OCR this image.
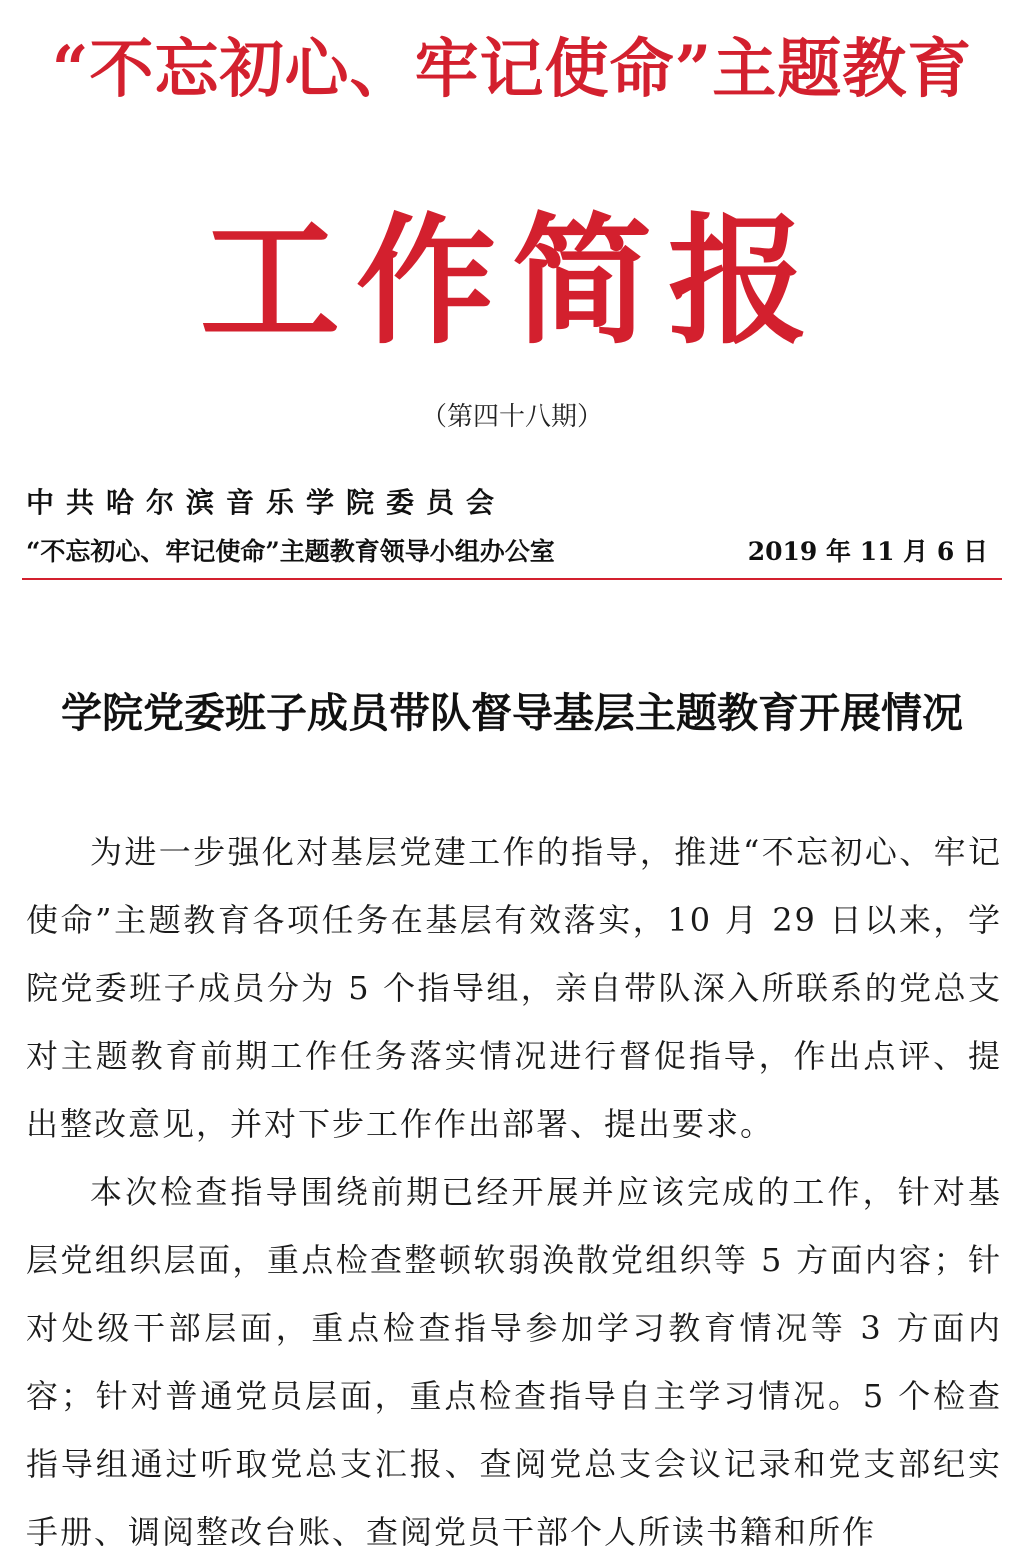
“不忘初心、牢记使命”主题教育
工作简报
（第四十八期）
中共哈尔滨音乐学院委员会
“不忘初心、牢记使命”主题教育领导小组办公室	2019 年 11 月 6 日
学院党委班子成员带队督导基层主题教育开展情况

为进一步强化对基层党建工作的指导，推进“不忘初心、牢记使命”主题教育各项任务在基层有效落实，10 月 29 日以来，学院党委班子成员分为 5 个指导组，亲自带队深入所联系的党总支对主题教育前期工作任务落实情况进行督促指导，作出点评、提出整改意见，并对下步工作作出部署、提出要求。

本次检查指导围绕前期已经开展并应该完成的工作，针对基层党组织层面，重点检查整顿软弱涣散党组织等 5 方面内容；针对处级干部层面，重点检查指导参加学习教育情况等 3 方面内容；针对普通党员层面，重点检查指导自主学习情况。5 个检查指导组通过听取党总支汇报、查阅党总支会议记录和党支部纪实手册、调阅整改台账、查阅党员干部个人所读书籍和所作
